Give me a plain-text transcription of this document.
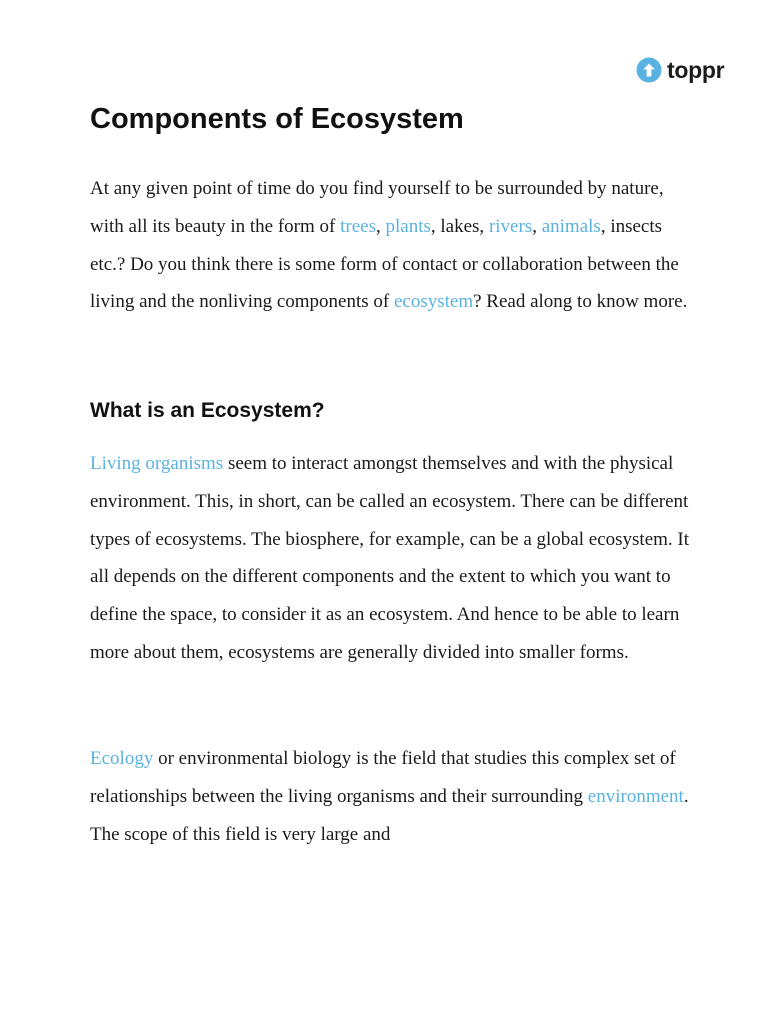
toppr
Components of Ecosystem

At any given point of time do you find yourself to be surrounded by nature, with all its beauty in the form of trees, plants, lakes, rivers, animals, insects etc.? Do you think there is some form of contact or collaboration between the living and the nonliving components of ecosystem? Read along to know more.

What is an Ecosystem?

Living organisms seem to interact amongst themselves and with the physical environment. This, in short, can be called an ecosystem. There can be different types of ecosystems. The biosphere, for example, can be a global ecosystem. It all depends on the different components and the extent to which you want to define the space, to consider it as an ecosystem. And hence to be able to learn more about them, ecosystems are generally divided into smaller forms.

Ecology or environmental biology is the field that studies this complex set of relationships between the living organisms and their surrounding environment. The scope of this field is very large and
